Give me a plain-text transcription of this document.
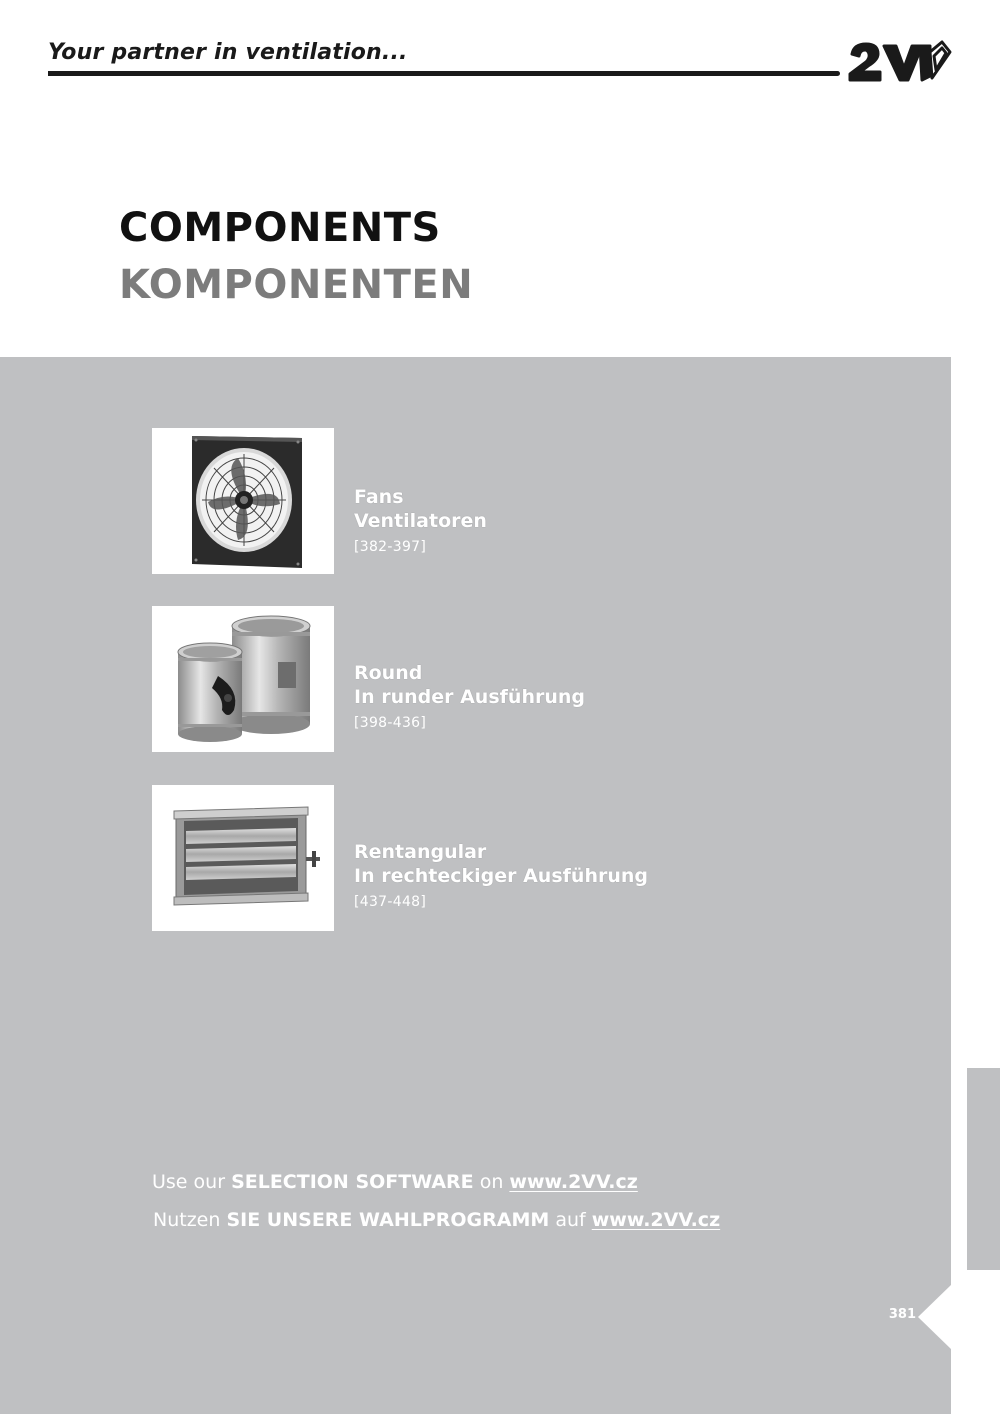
Your partner in ventilation...
COMPONENTS
KOMPONENTEN
Fans
Ventilatoren
[382-397]
Round
In runder Ausführung
[398-436]
Rentangular
In rechteckiger Ausführung
[437-448]
Use our SELECTION SOFTWARE on www.2VV.cz
Nutzen SIE UNSERE WAHLPROGRAMM auf www.2VV.cz
381
